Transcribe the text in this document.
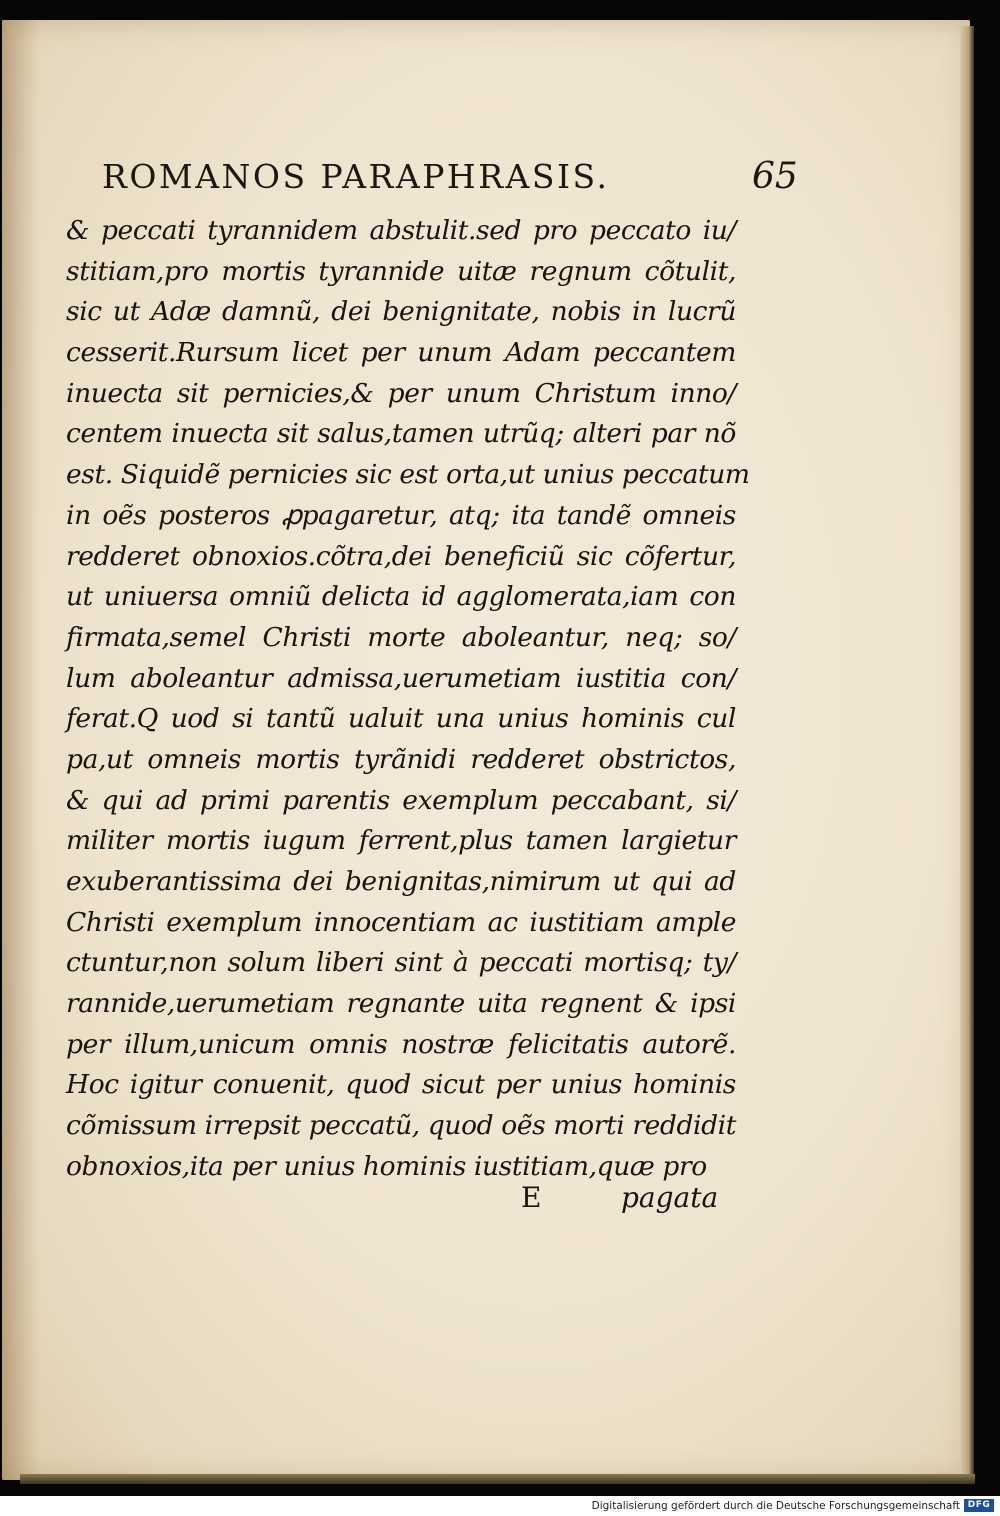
ROMANOS PARAPHRASIS.	65
& peccati tyrannidem abstulit.sed pro peccato iu/
stitiam,pro mortis tyrannide uitæ regnum cõtulit,
sic ut Adæ damnũ, dei benignitate, nobis in lucrũ
cesserit.Rursum licet per unum Adam peccantem
inuecta sit pernicies,& per unum Christum inno/
centem inuecta sit salus,tamen utrũq; alteri par nõ
est. Siquidẽ pernicies sic est orta,ut unius peccatum
in oẽs posteros ꝓpagaretur, atq; ita tandẽ omneis
redderet obnoxios.cõtra,dei beneficiũ sic cõfertur,
ut uniuersa omniũ delicta id agglomerata,iam con
firmata,semel Christi morte aboleantur, neq; so/
lum aboleantur admissa,uerumetiam iustitia con/
ferat.Q uod si tantũ ualuit una unius hominis cul
pa,ut omneis mortis tyrãnidi redderet obstrictos,
& qui ad primi parentis exemplum peccabant, si/
militer mortis iugum ferrent,plus tamen largietur
exuberantissima dei benignitas,nimirum ut qui ad
Christi exemplum innocentiam ac iustitiam ample
ctuntur,non solum liberi sint à peccati mortisq; ty/
rannide,uerumetiam regnante uita regnent & ipsi
per illum,unicum omnis nostræ felicitatis autorẽ.
Hoc igitur conuenit, quod sicut per unius hominis
cõmissum irrepsit peccatũ, quod oẽs morti reddidit
obnoxios,ita per unius hominis iustitiam,quæ pro
E	pagata
Digitalisierung gefördert durch die Deutsche Forschungsgemeinschaft DFG
